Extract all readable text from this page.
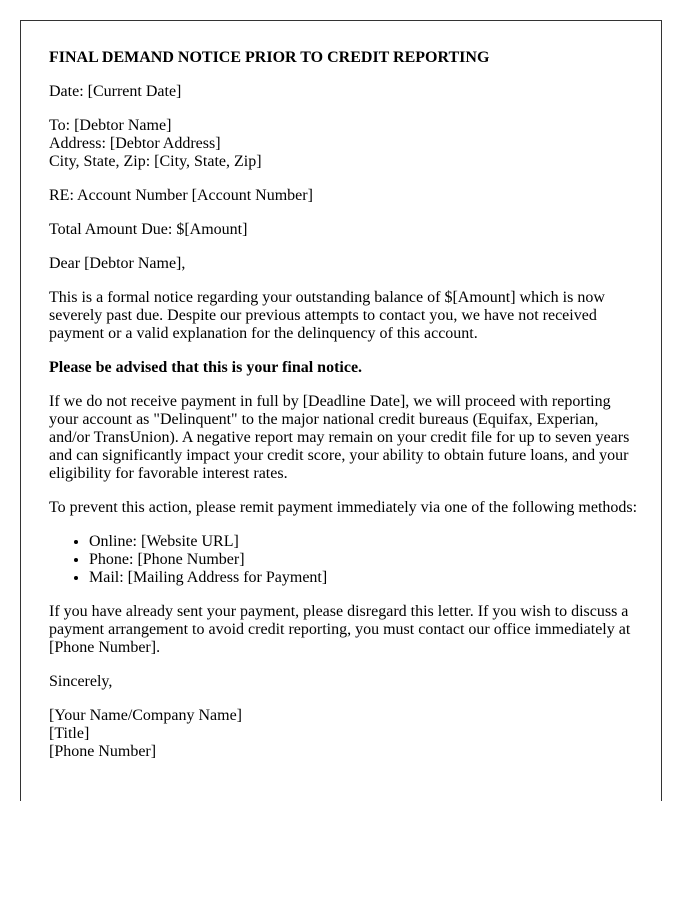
FINAL DEMAND NOTICE PRIOR TO CREDIT REPORTING

Date: [Current Date]

To: [Debtor Name]
Address: [Debtor Address]
City, State, Zip: [City, State, Zip]

RE: Account Number [Account Number]

Total Amount Due: $[Amount]

Dear [Debtor Name],

This is a formal notice regarding your outstanding balance of $[Amount] which is now severely past due. Despite our previous attempts to contact you, we have not received payment or a valid explanation for the delinquency of this account.

Please be advised that this is your final notice.

If we do not receive payment in full by [Deadline Date], we will proceed with reporting your account as "Delinquent" to the major national credit bureaus (Equifax, Experian, and/or TransUnion). A negative report may remain on your credit file for up to seven years and can significantly impact your credit score, your ability to obtain future loans, and your eligibility for favorable interest rates.

To prevent this action, please remit payment immediately via one of the following methods:

• Online: [Website URL]
• Phone: [Phone Number]
• Mail: [Mailing Address for Payment]

If you have already sent your payment, please disregard this letter. If you wish to discuss a payment arrangement to avoid credit reporting, you must contact our office immediately at [Phone Number].

Sincerely,

[Your Name/Company Name]
[Title]
[Phone Number]
